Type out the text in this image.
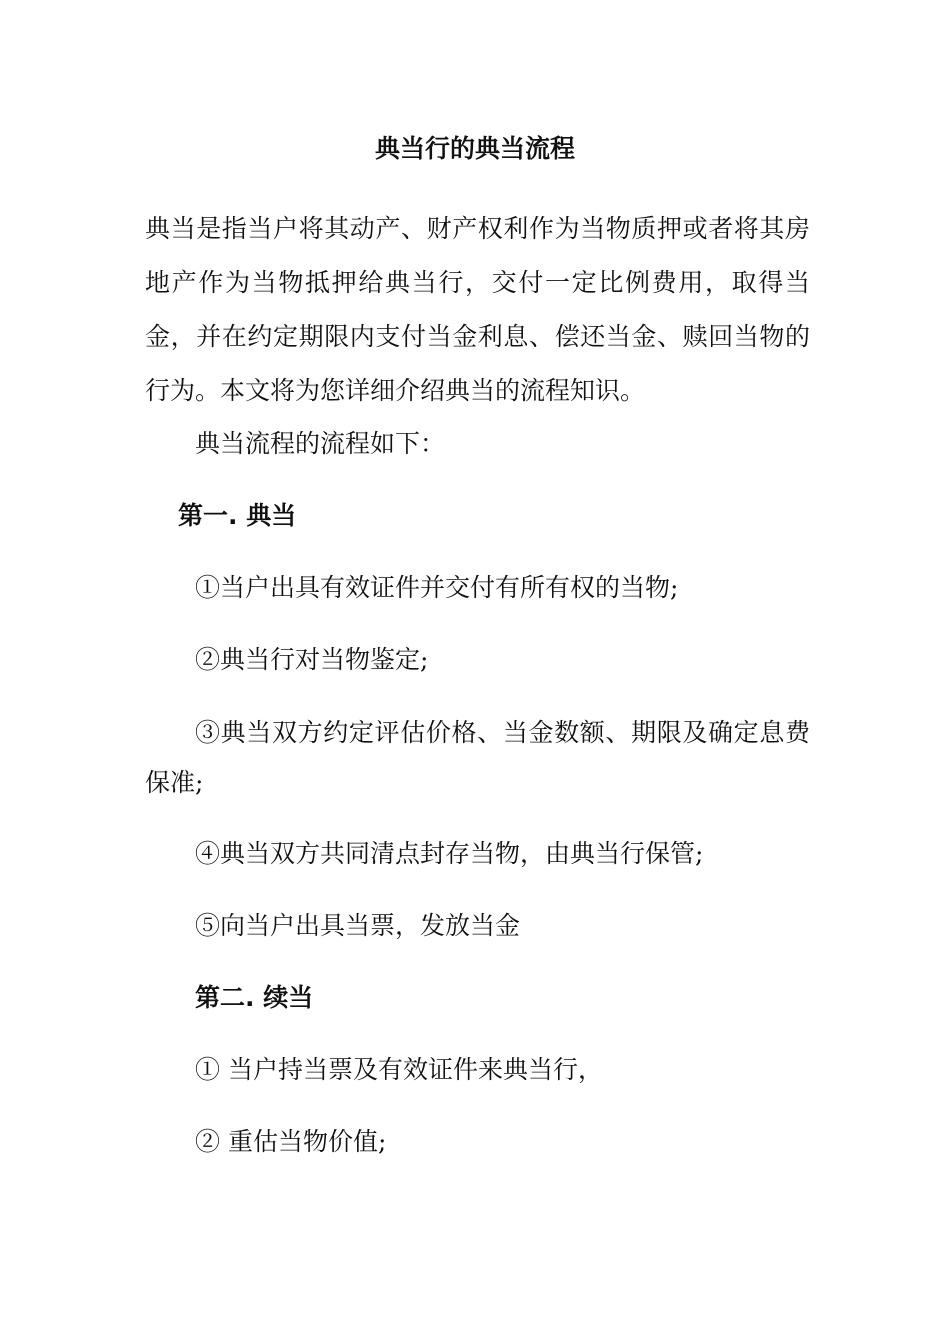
典当行的典当流程
典当是指当户将其动产、财产权利作为当物质押或者将其房地产作为当物抵押给典当行，交付一定比例费用，取得当金，并在约定期限内支付当金利息、偿还当金、赎回当物的行为。本文将为您详细介绍典当的流程知识。
典当流程的流程如下：
第一. 典当
①当户出具有效证件并交付有所有权的当物;
②典当行对当物鉴定;
③典当双方约定评估价格、当金数额、期限及确定息费保准;
④典当双方共同清点封存当物，由典当行保管;
⑤向当户出具当票，发放当金
第二. 续当
① 当户持当票及有效证件来典当行，
② 重估当物价值;
